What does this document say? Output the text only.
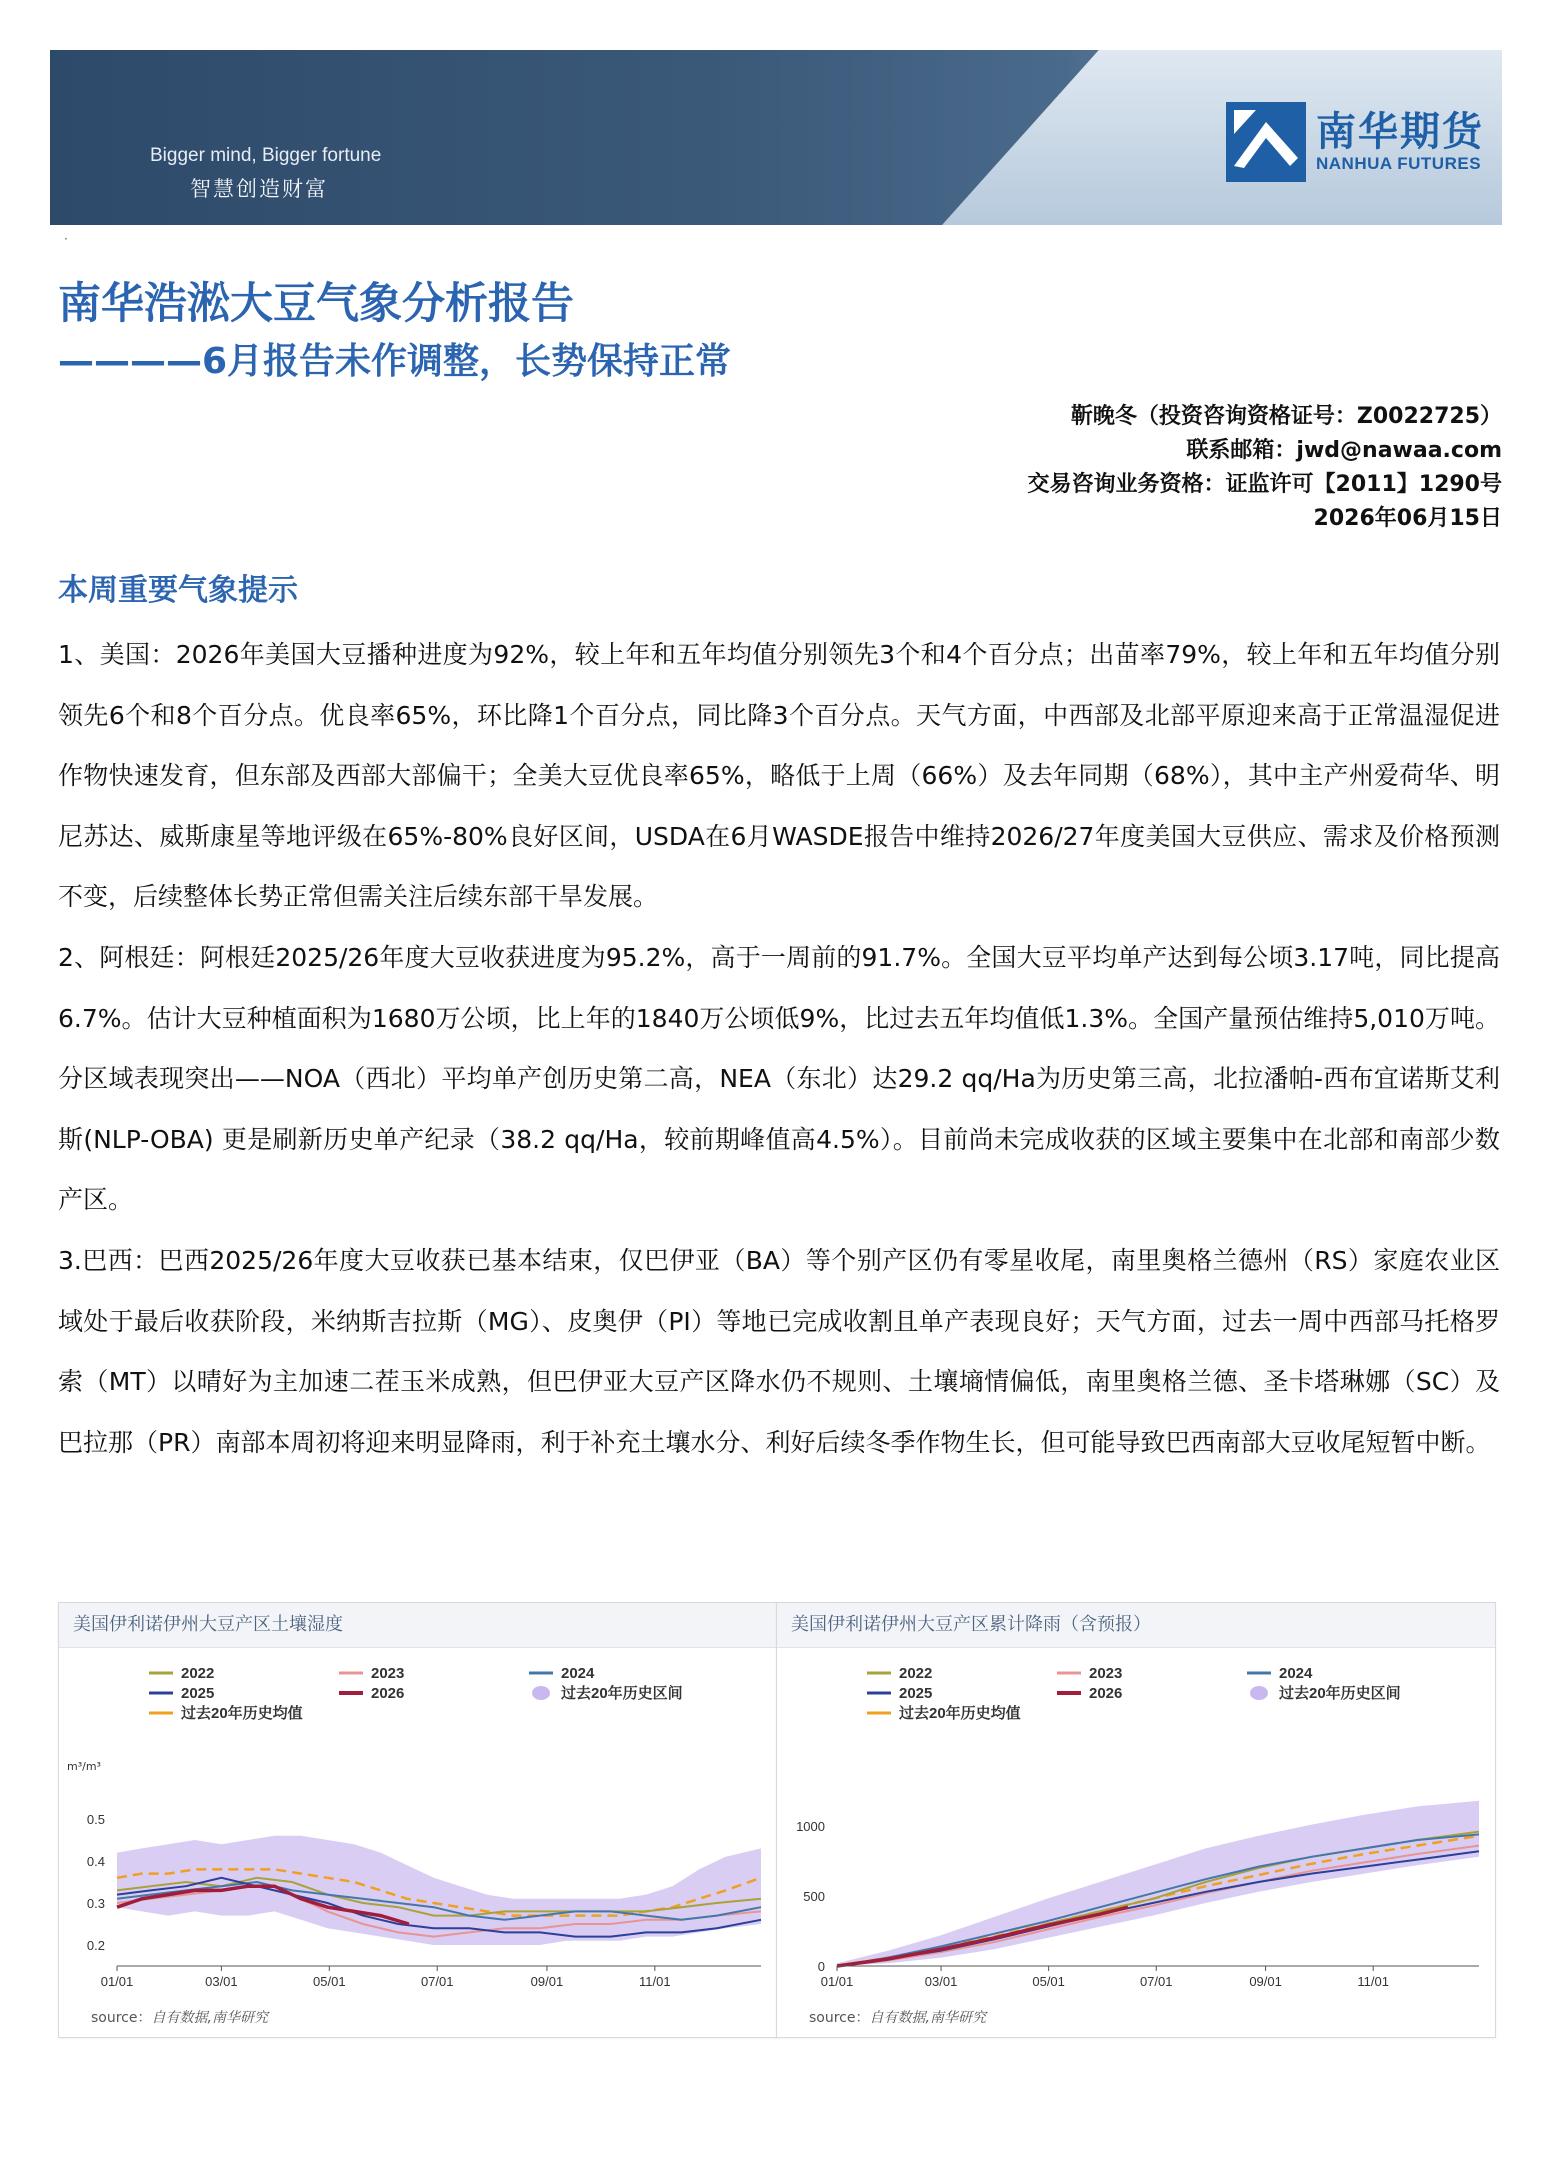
Bigger mind, Bigger fortune
智慧创造财富
南华期货
NANHUA FUTURES
·
南华浩淞大豆气象分析报告
————6月报告未作调整，长势保持正常
靳晚冬（投资咨询资格证号：Z0022725）
联系邮箱：jwd@nawaa.com
交易咨询业务资格：证监许可【2011】1290号
2026年06月15日
本周重要气象提示

1、美国：2026年美国大豆播种进度为92%，较上年和五年均值分别领先3个和4个百分点；出苗率79%，较上年和五年均值分别领先6个和8个百分点。优良率65%，环比降1个百分点，同比降3个百分点。天气方面，中西部及北部平原迎来高于正常温湿促进作物快速发育，但东部及西部大部偏干；全美大豆优良率65%，略低于上周（66%）及去年同期（68%），其中主产州爱荷华、明尼苏达、威斯康星等地评级在65%-80%良好区间，USDA在6月WASDE报告中维持2026/27年度美国大豆供应、需求及价格预测不变，后续整体长势正常但需关注后续东部干旱发展。

2、阿根廷：阿根廷2025/26年度大豆收获进度为95.2%，高于一周前的91.7%。全国大豆平均单产达到每公顷3.17吨，同比提高6.7%。估计大豆种植面积为1680万公顷，比上年的1840万公顷低9%，比过去五年均值低1.3%。全国产量预估维持5,010万吨。分区域表现突出——NOA（西北）平均单产创历史第二高，NEA（东北）达29.2 qq/Ha为历史第三高，北拉潘帕-西布宜诺斯艾利斯(NLP-OBA) 更是刷新历史单产纪录（38.2 qq/Ha，较前期峰值高4.5%）。目前尚未完成收获的区域主要集中在北部和南部少数产区。

3.巴西：巴西2025/26年度大豆收获已基本结束，仅巴伊亚（BA）等个别产区仍有零星收尾，南里奥格兰德州（RS）家庭农业区域处于最后收获阶段，米纳斯吉拉斯（MG）、皮奥伊（PI）等地已完成收割且单产表现良好；天气方面，过去一周中西部马托格罗索（MT）以晴好为主加速二茬玉米成熟，但巴伊亚大豆产区降水仍不规则、土壤墒情偏低，南里奥格兰德、圣卡塔琳娜（SC）及巴拉那（PR）南部本周初将迎来明显降雨，利于补充土壤水分、利好后续冬季作物生长，但可能导致巴西南部大豆收尾短暂中断。

美国伊利诺伊州大豆产区土壤湿度
2022	2023	2024
2025	2026	过去20年历史区间
过去20年历史均值
m³/m³
0.2
0.3
0.4
0.5
01/01	03/01	05/01	07/01	09/01	11/01
source：自有数据,南华研究
美国伊利诺伊州大豆产区累计降雨（含预报）
2022	2023	2024
2025	2026	过去20年历史区间
过去20年历史均值
0
500
1000
01/01	03/01	05/01	07/01	09/01	11/01
source：自有数据,南华研究
